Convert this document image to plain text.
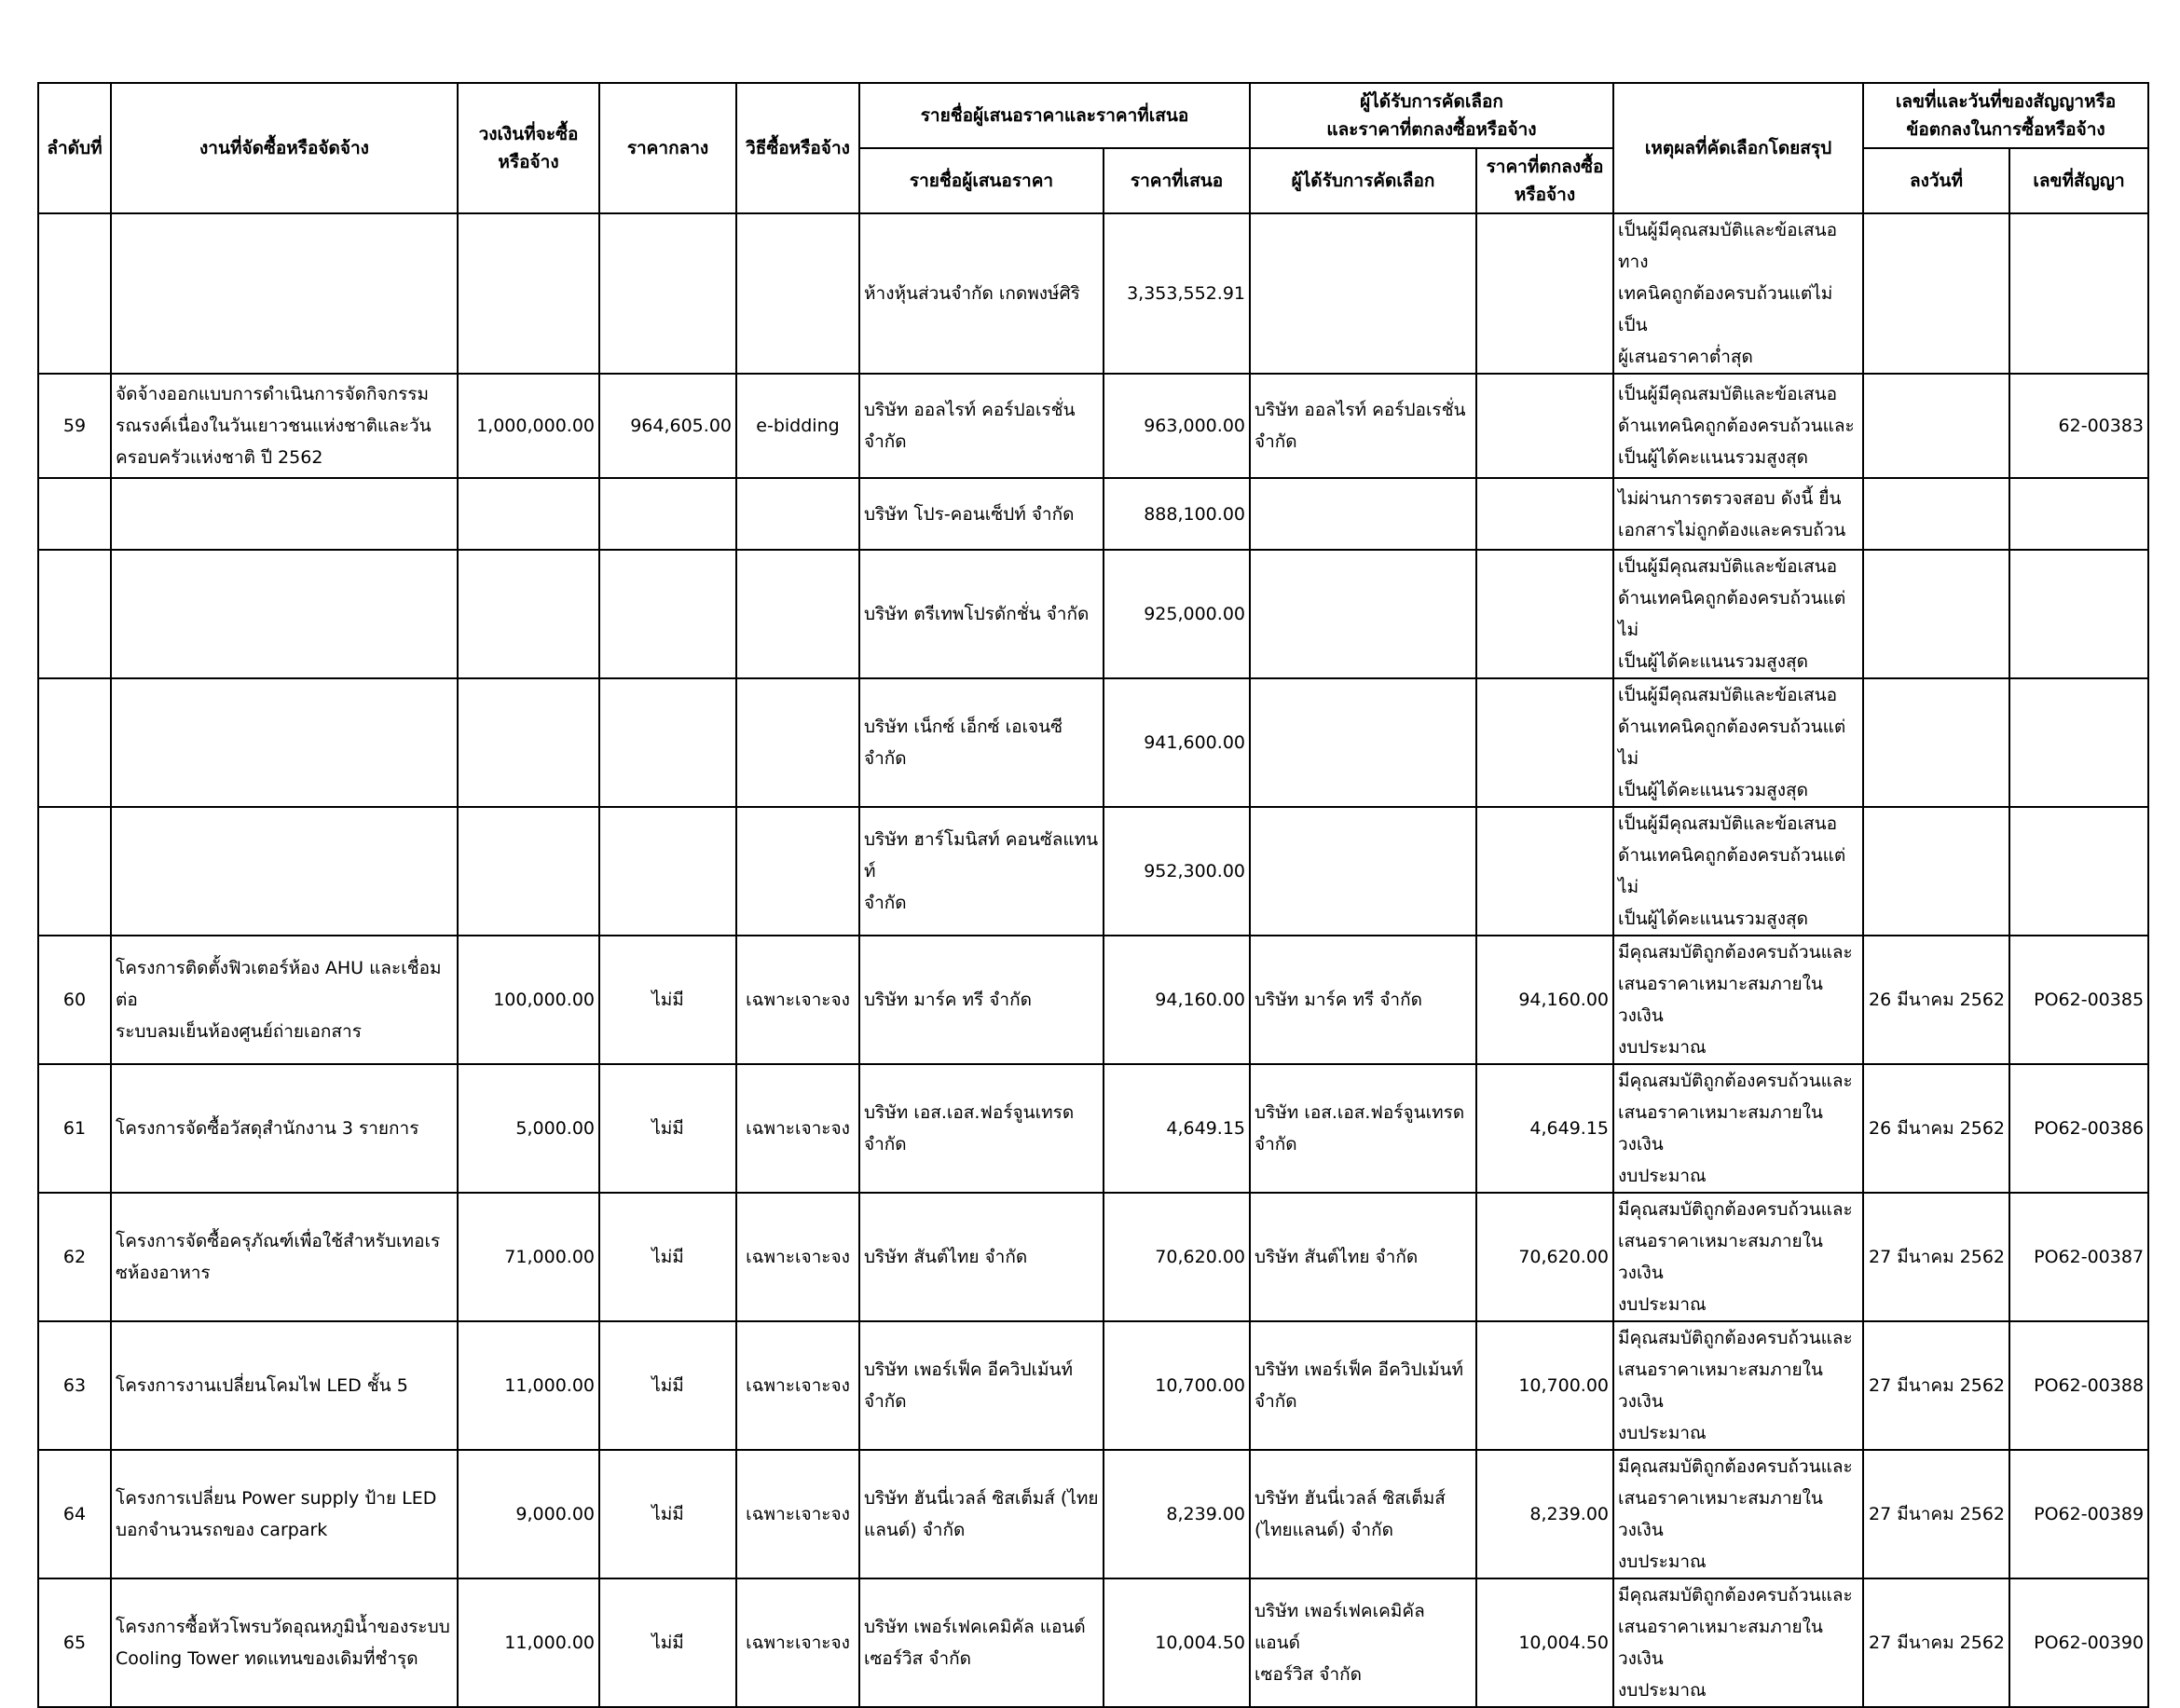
ลำดับที่	งานที่จัดซื้อหรือจัดจ้าง	วงเงินที่จะซื้อ
หรือจ้าง	ราคากลาง	วิธีซื้อหรือจ้าง	รายชื่อผู้เสนอราคาและราคาที่เสนอ		ผู้ได้รับการคัดเลือก
และราคาที่ตกลงซื้อหรือจ้าง		เหตุผลที่คัดเลือกโดยสรุป	เลขที่และวันที่ของสัญญาหรือ
ข้อตกลงในการซื้อหรือจ้าง	
					รายชื่อผู้เสนอราคา	ราคาที่เสนอ	ผู้ได้รับการคัดเลือก	ราคาที่ตกลงซื้อ
หรือจ้าง		ลงวันที่	เลขที่สัญญา
					ห้างหุ้นส่วนจำกัด เกดพงษ์ศิริ	3,353,552.91			เป็นผู้มีคุณสมบัติและข้อเสนอทาง
เทคนิคถูกต้องครบถ้วนแต่ไม่เป็น
ผู้เสนอราคาต่ำสุด		
59	จัดจ้างออกแบบการดำเนินการจัดกิจกรรม
รณรงค์เนื่องในวันเยาวชนแห่งชาติและวัน
ครอบครัวแห่งชาติ ปี 2562	1,000,000.00	964,605.00	e-bidding	บริษัท ออลไรท์ คอร์ปอเรชั่น
จำกัด	963,000.00	บริษัท ออลไรท์ คอร์ปอเรชั่น
จำกัด		เป็นผู้มีคุณสมบัติและข้อเสนอ
ด้านเทคนิคถูกต้องครบถ้วนและ
เป็นผู้ได้คะแนนรวมสูงสุด		62-00383
					บริษัท โปร-คอนเซ็ปท์ จำกัด	888,100.00			ไม่ผ่านการตรวจสอบ ดังนี้ ยื่น
เอกสารไม่ถูกต้องและครบถ้วน		
					บริษัท ตรีเทพโปรดักชั่น จำกัด	925,000.00			เป็นผู้มีคุณสมบัติและข้อเสนอ
ด้านเทคนิคถูกต้องครบถ้วนแต่ไม่
เป็นผู้ได้คะแนนรวมสูงสุด		
					บริษัท เน็กซ์ เอ็กซ์ เอเจนซี จำกัด	941,600.00			เป็นผู้มีคุณสมบัติและข้อเสนอ
ด้านเทคนิคถูกต้องครบถ้วนแต่ไม่
เป็นผู้ได้คะแนนรวมสูงสุด		
					บริษัท ฮาร์โมนิสท์ คอนซัลแทนท์
จำกัด	952,300.00			เป็นผู้มีคุณสมบัติและข้อเสนอ
ด้านเทคนิคถูกต้องครบถ้วนแต่ไม่
เป็นผู้ได้คะแนนรวมสูงสุด		
60	โครงการติดตั้งฟิวเตอร์ห้อง AHU และเชื่อมต่อ
ระบบลมเย็นห้องศูนย์ถ่ายเอกสาร	100,000.00	ไม่มี	เฉพาะเจาะจง	บริษัท มาร์ค ทรี จำกัด	94,160.00	บริษัท มาร์ค ทรี จำกัด	94,160.00	มีคุณสมบัติถูกต้องครบถ้วนและ
เสนอราคาเหมาะสมภายในวงเงิน
งบประมาณ	26 มีนาคม 2562	PO62-00385
61	โครงการจัดซื้อวัสดุสำนักงาน 3 รายการ	5,000.00	ไม่มี	เฉพาะเจาะจง	บริษัท เอส.เอส.ฟอร์จูนเทรด
จำกัด	4,649.15	บริษัท เอส.เอส.ฟอร์จูนเทรด
จำกัด	4,649.15	มีคุณสมบัติถูกต้องครบถ้วนและ
เสนอราคาเหมาะสมภายในวงเงิน
งบประมาณ	26 มีนาคม 2562	PO62-00386
62	โครงการจัดซื้อครุภัณฑ์เพื่อใช้สำหรับเทอเร
ซห้องอาหาร	71,000.00	ไม่มี	เฉพาะเจาะจง	บริษัท สันต์ไทย จำกัด	70,620.00	บริษัท สันต์ไทย จำกัด	70,620.00	มีคุณสมบัติถูกต้องครบถ้วนและ
เสนอราคาเหมาะสมภายในวงเงิน
งบประมาณ	27 มีนาคม 2562	PO62-00387
63	โครงการงานเปลี่ยนโคมไฟ LED ชั้น 5	11,000.00	ไม่มี	เฉพาะเจาะจง	บริษัท เพอร์เฟ็ค อีควิปเม้นท์
จำกัด	10,700.00	บริษัท เพอร์เฟ็ค อีควิปเม้นท์
จำกัด	10,700.00	มีคุณสมบัติถูกต้องครบถ้วนและ
เสนอราคาเหมาะสมภายในวงเงิน
งบประมาณ	27 มีนาคม 2562	PO62-00388
64	โครงการเปลี่ยน Power supply ป้าย LED
บอกจำนวนรถของ carpark	9,000.00	ไม่มี	เฉพาะเจาะจง	บริษัท ฮันนี่เวลล์ ซิสเต็มส์ (ไทย
แลนด์) จำกัด	8,239.00	บริษัท ฮันนี่เวลล์ ซิสเต็มส์
(ไทยแลนด์) จำกัด	8,239.00	มีคุณสมบัติถูกต้องครบถ้วนและ
เสนอราคาเหมาะสมภายในวงเงิน
งบประมาณ	27 มีนาคม 2562	PO62-00389
65	โครงการซื้อหัวโพรบวัดอุณหภูมิน้ำของระบบ
Cooling Tower ทดแทนของเดิมที่ชำรุด	11,000.00	ไม่มี	เฉพาะเจาะจง	บริษัท เพอร์เฟคเคมิคัล แอนด์
เซอร์วิส จำกัด	10,004.50	บริษัท เพอร์เฟคเคมิคัล แอนด์
เซอร์วิส จำกัด	10,004.50	มีคุณสมบัติถูกต้องครบถ้วนและ
เสนอราคาเหมาะสมภายในวงเงิน
งบประมาณ	27 มีนาคม 2562	PO62-00390
